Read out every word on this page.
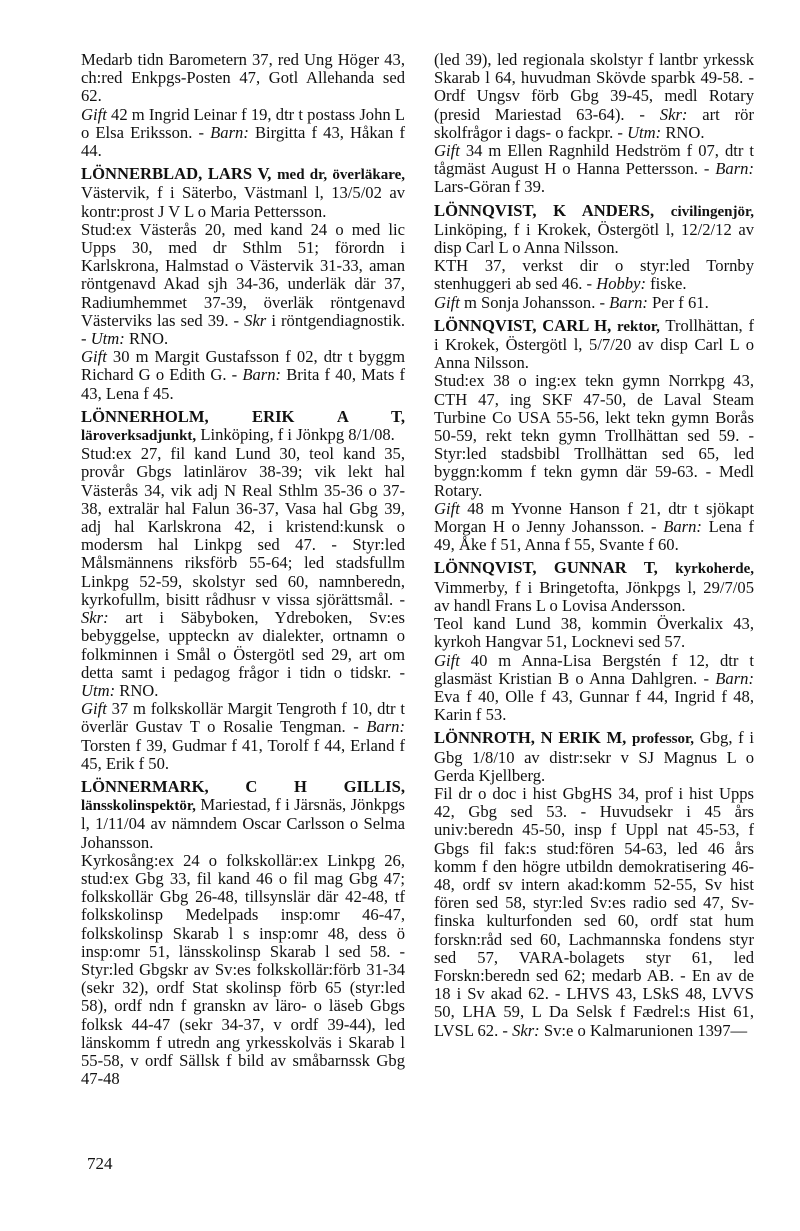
Medarb tidn Barometern 37, red Ung Höger 43, ch:red Enkpgs-Posten 47, Gotl Allehanda sed 62.
Gift 42 m Ingrid Leinar f 19, dtr t postass John L o Elsa Eriksson. - Barn: Birgitta f 43, Håkan f 44.
LÖNNERBLAD, LARS V, med dr, överläkare, Västervik, f i Säterbo, Västmanl l, 13/5/02 av kontr:prost J V L o Maria Pettersson.
Stud:ex Västerås 20, med kand 24 o med lic Upps 30, med dr Sthlm 51; förordn i Karlskrona, Halmstad o Västervik 31-33, aman röntgenavd Akad sjh 34-36, underläk där 37, Radiumhemmet 37-39, överläk röntgenavd Västerviks las sed 39. - Skr i röntgendiagnostik. - Utm: RNO.
Gift 30 m Margit Gustafsson f 02, dtr t byggm Richard G o Edith G. - Barn: Brita f 40, Mats f 43, Lena f 45.
LÖNNERHOLM, ERIK A T, läroverksadjunkt, Linköping, f i Jönkpg 8/1/08.
Stud:ex 27, fil kand Lund 30, teol kand 35, provår Gbgs latinlärov 38-39; vik lekt hal Västerås 34, vik adj N Real Sthlm 35-36 o 37-38, extralär hal Falun 36-37, Vasa hal Gbg 39, adj hal Karlskrona 42, i kristend:kunsk o modersm hal Linkpg sed 47. - Styr:led Målsmännens riksförb 55-64; led stadsfullm Linkpg 52-59, skolstyr sed 60, namnberedn, kyrkofullm, bisitt rådhusr v vissa sjörättsmål. - Skr: art i Säbyboken, Ydreboken, Sv:es bebyggelse, uppteckn av dialekter, ortnamn o folkminnen i Smål o Östergötl sed 29, art om detta samt i pedagog frågor i tidn o tidskr. - Utm: RNO.
Gift 37 m folkskollär Margit Tengroth f 10, dtr t överlär Gustav T o Rosalie Tengman. - Barn: Torsten f 39, Gudmar f 41, Torolf f 44, Erland f 45, Erik f 50.
LÖNNERMARK, C H GILLIS, länsskolinspektör, Mariestad, f i Järsnäs, Jönkpgs l, 1/11/04 av nämndem Oscar Carlsson o Selma Johansson.
Kyrkosång:ex 24 o folkskollär:ex Linkpg 26, stud:ex Gbg 33, fil kand 46 o fil mag Gbg 47; folkskollär Gbg 26-48, tillsynslär där 42-48, tf folkskolinsp Medelpads insp:omr 46-47, folkskolinsp Skarab l s insp:omr 48, dess ö insp:omr 51, länsskolinsp Skarab l sed 58. - Styr:led Gbgskr av Sv:es folkskollär:förb 31-34 (sekr 32), ordf Stat skolinsp förb 65 (styr:led 58), ordf ndn f granskn av läro- o läseb Gbgs folksk 44-47 (sekr 34-37, v ordf 39-44), led länskomm f utredn ang yrkesskolväs i Skarab l 55-58, v ordf Sällsk f bild av småbarnssk Gbg 47-48
(led 39), led regionala skolstyr f lantbr yrkessk Skarab l 64, huvudman Skövde sparbk 49-58. - Ordf Ungsv förb Gbg 39-45, medl Rotary (presid Mariestad 63-64). - Skr: art rör skolfrågor i dags- o fackpr. - Utm: RNO.
Gift 34 m Ellen Ragnhild Hedström f 07, dtr t tågmäst August H o Hanna Pettersson. - Barn: Lars-Göran f 39.
LÖNNQVIST, K ANDERS, civilingenjör, Linköping, f i Krokek, Östergötl l, 12/2/12 av disp Carl L o Anna Nilsson.
KTH 37, verkst dir o styr:led Tornby stenhuggeri ab sed 46. - Hobby: fiske.
Gift m Sonja Johansson. - Barn: Per f 61.
LÖNNQVIST, CARL H, rektor, Trollhättan, f i Krokek, Östergötl l, 5/7/20 av disp Carl L o Anna Nilsson.
Stud:ex 38 o ing:ex tekn gymn Norrkpg 43, CTH 47, ing SKF 47-50, de Laval Steam Turbine Co USA 55-56, lekt tekn gymn Borås 50-59, rekt tekn gymn Trollhättan sed 59. - Styr:led stadsbibl Trollhättan sed 65, led byggn:komm f tekn gymn där 59-63. - Medl Rotary.
Gift 48 m Yvonne Hanson f 21, dtr t sjökapt Morgan H o Jenny Johansson. - Barn: Lena f 49, Åke f 51, Anna f 55, Svante f 60.
LÖNNQVIST, GUNNAR T, kyrkoherde, Vimmerby, f i Bringetofta, Jönkpgs l, 29/7/05 av handl Frans L o Lovisa Andersson.
Teol kand Lund 38, kommin Överkalix 43, kyrkoh Hangvar 51, Locknevi sed 57.
Gift 40 m Anna-Lisa Bergstén f 12, dtr t glasmäst Kristian B o Anna Dahlgren. - Barn: Eva f 40, Olle f 43, Gunnar f 44, Ingrid f 48, Karin f 53.
LÖNNROTH, N ERIK M, professor, Gbg, f i Gbg 1/8/10 av distr:sekr v SJ Magnus L o Gerda Kjellberg.
Fil dr o doc i hist GbgHS 34, prof i hist Upps 42, Gbg sed 53. - Huvudsekr i 45 års univ:beredn 45-50, insp f Uppl nat 45-53, f Gbgs fil fak:s stud:fören 54-63, led 46 års komm f den högre utbildn demokratisering 46-48, ordf sv intern akad:komm 52-55, Sv hist fören sed 58, styr:led Sv:es radio sed 47, Sv-finska kulturfonden sed 60, ordf stat hum forskn:råd sed 60, Lachmannska fondens styr sed 57, VARA-bolagets styr 61, led Forskn:beredn sed 62; medarb AB. - En av de 18 i Sv akad 62. - LHVS 43, LSkS 48, LVVS 50, LHA 59, L Da Selsk f Fædrel:s Hist 61, LVSL 62. - Skr: Sv:e o Kalmarunionen 1397—
724
